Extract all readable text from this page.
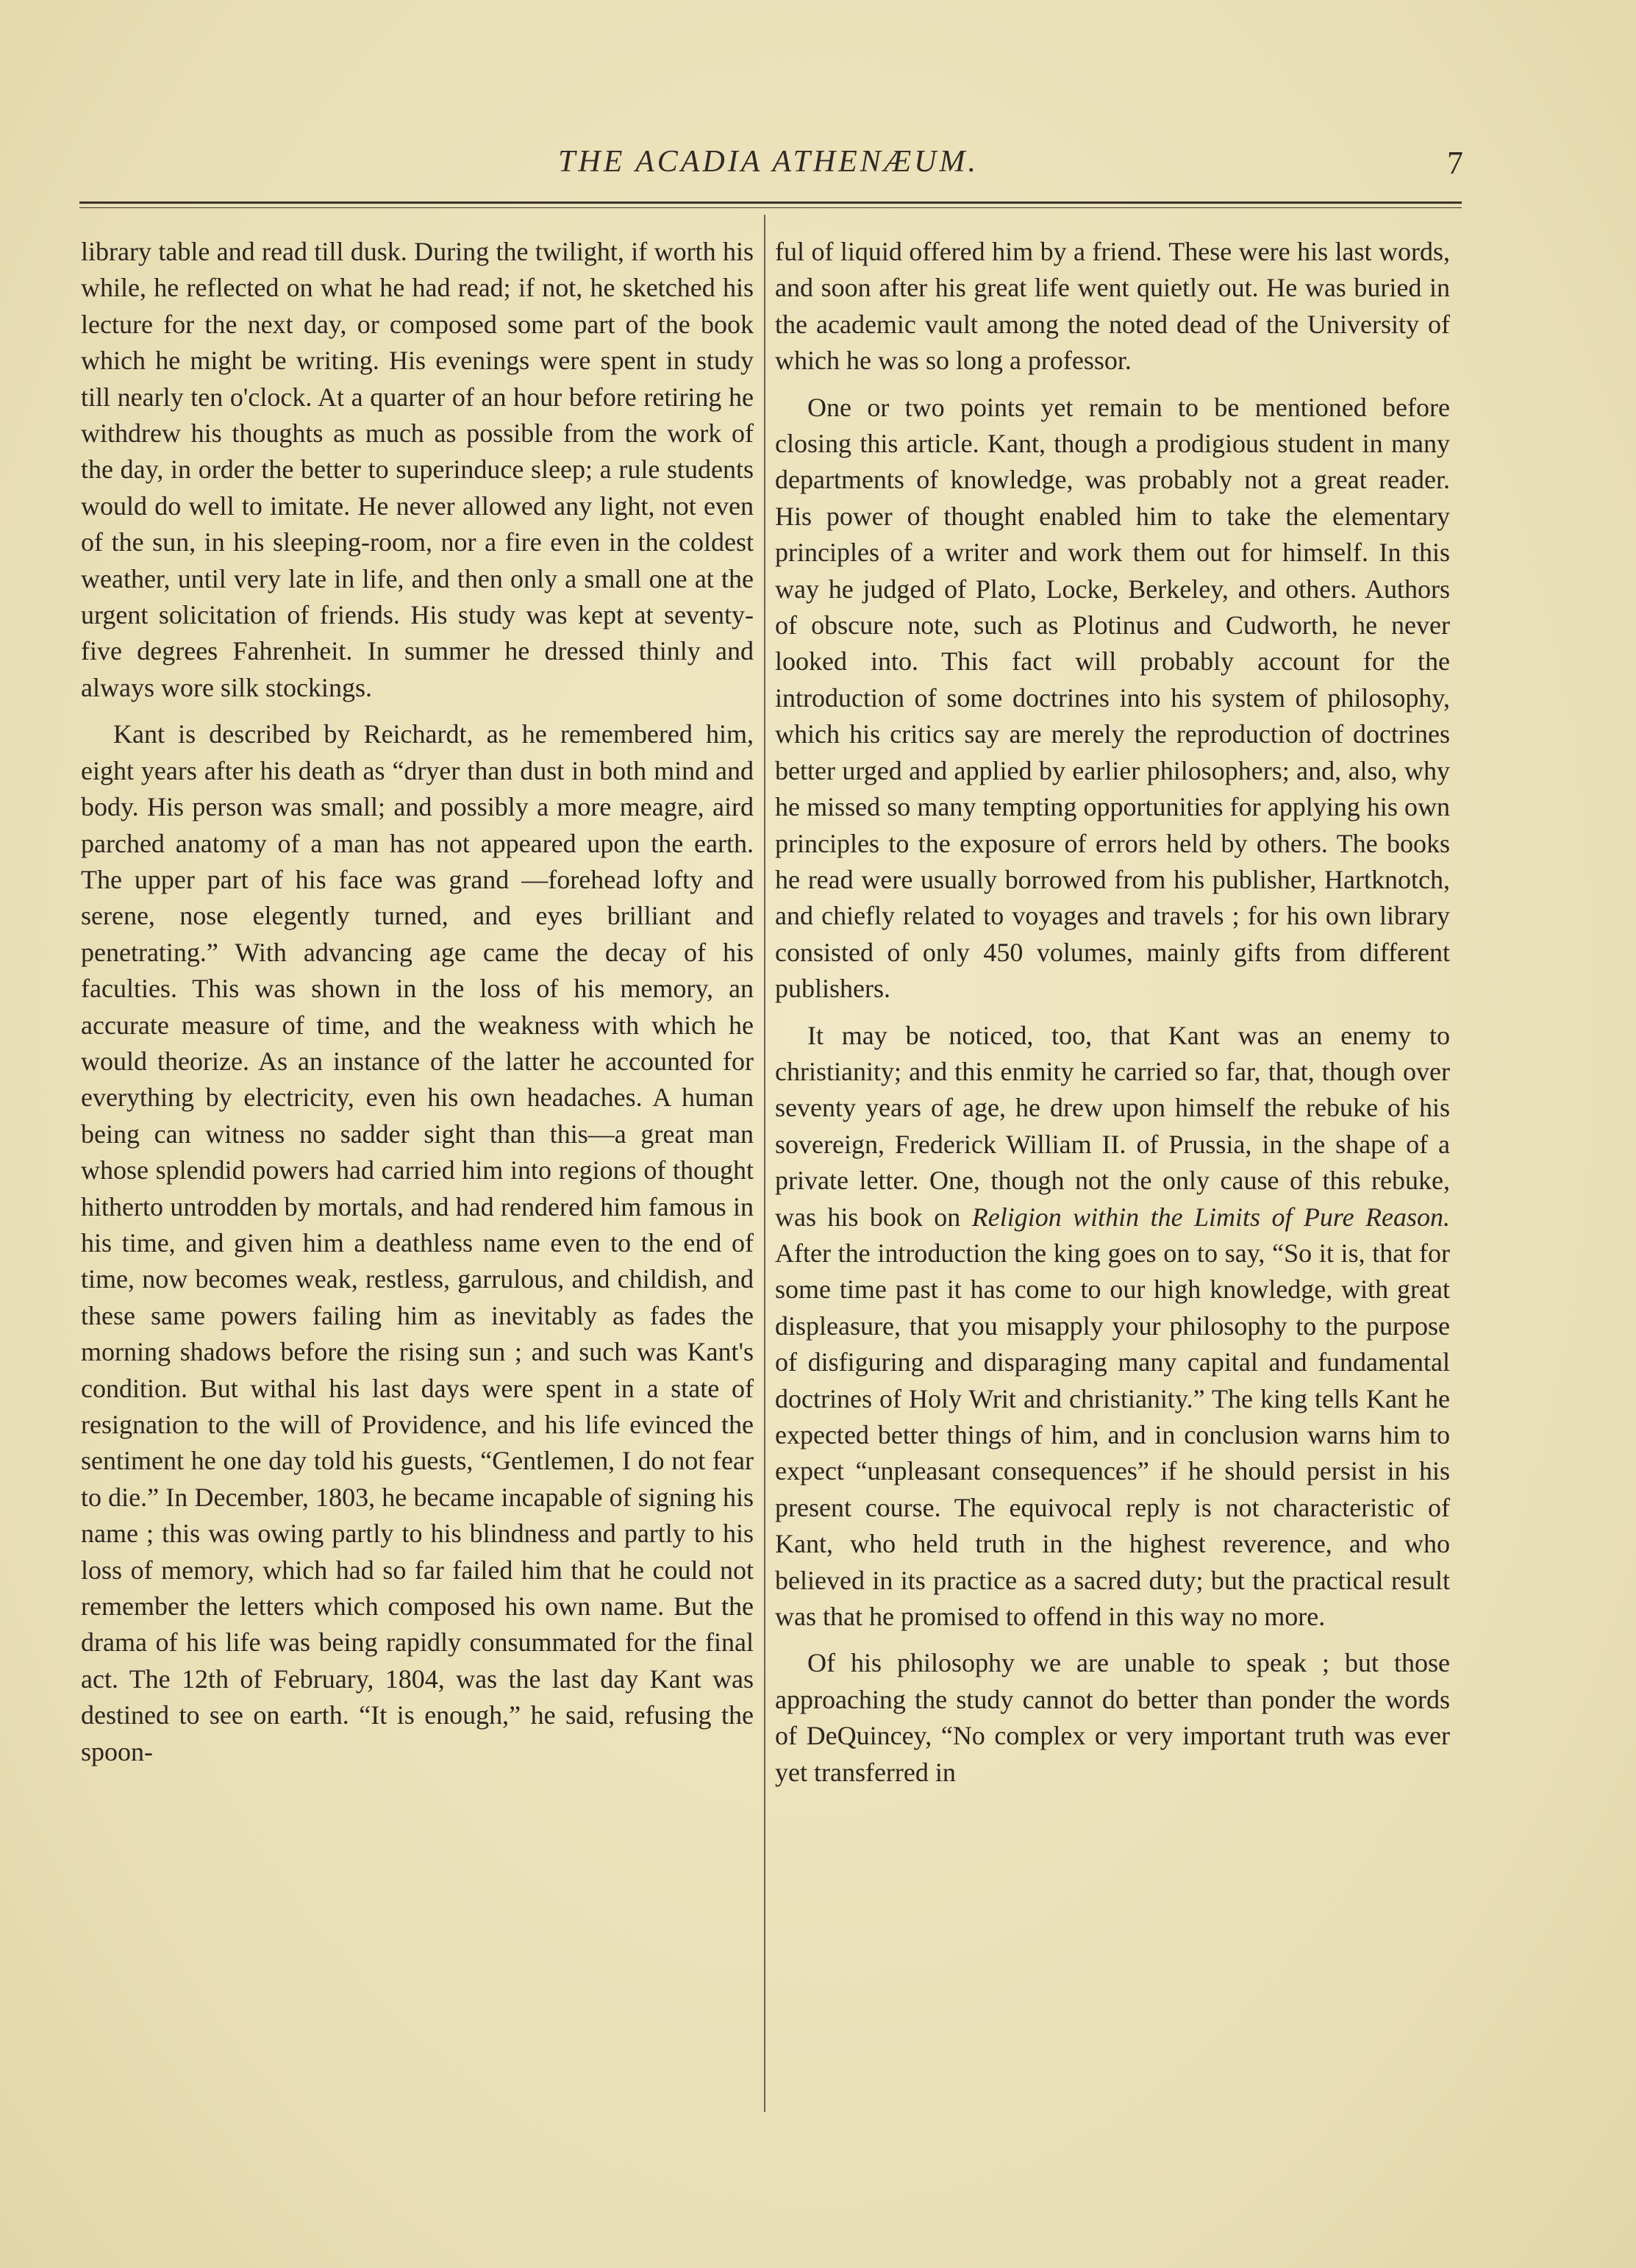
THE ACADIA ATHENÆUM.	7

library table and read till dusk. During the twilight, if worth his while, he reflected on what he had read; if not, he sketched his lecture for the next day, or composed some part of the book which he might be writing. His evenings were spent in study till nearly ten o'clock. At a quarter of an hour before retiring he withdrew his thoughts as much as possible from the work of the day, in order the better to superinduce sleep; a rule students would do well to imitate. He never allowed any light, not even of the sun, in his sleeping-room, nor a fire even in the coldest weather, until very late in life, and then only a small one at the urgent solicitation of friends. His study was kept at seventy-five degrees Fahrenheit. In summer he dressed thinly and always wore silk stockings.

Kant is described by Reichardt, as he remembered him, eight years after his death as “dryer than dust in both mind and body. His person was small; and possibly a more meagre, aird parched anatomy of a man has not appeared upon the earth. The upper part of his face was grand —forehead lofty and serene, nose elegently turned, and eyes brilliant and penetrating.” With advancing age came the decay of his faculties. This was shown in the loss of his memory, an accurate measure of time, and the weakness with which he would theorize. As an instance of the latter he accounted for everything by electricity, even his own headaches. A human being can witness no sadder sight than this—a great man whose splendid powers had carried him into regions of thought hitherto untrodden by mortals, and had rendered him famous in his time, and given him a deathless name even to the end of time, now becomes weak, restless, garrulous, and childish, and these same powers failing him as inevitably as fades the morning shadows before the rising sun ; and such was Kant's condition. But withal his last days were spent in a state of resignation to the will of Providence, and his life evinced the sentiment he one day told his guests, “Gentlemen, I do not fear to die.” In December, 1803, he became incapable of signing his name ; this was owing partly to his blindness and partly to his loss of memory, which had so far failed him that he could not remember the letters which composed his own name. But the drama of his life was being rapidly consummated for the final act. The 12th of February, 1804, was the last day Kant was destined to see on earth. “It is enough,” he said, refusing the spoon-

ful of liquid offered him by a friend. These were his last words, and soon after his great life went quietly out. He was buried in the academic vault among the noted dead of the University of which he was so long a professor.

One or two points yet remain to be mentioned before closing this article. Kant, though a prodigious student in many departments of knowledge, was probably not a great reader. His power of thought enabled him to take the elementary principles of a writer and work them out for himself. In this way he judged of Plato, Locke, Berkeley, and others. Authors of obscure note, such as Plotinus and Cudworth, he never looked into. This fact will probably account for the introduction of some doctrines into his system of philosophy, which his critics say are merely the reproduction of doctrines better urged and applied by earlier philosophers; and, also, why he missed so many tempting opportunities for applying his own principles to the exposure of errors held by others. The books he read were usually borrowed from his publisher, Hartknotch, and chiefly related to voyages and travels ; for his own library consisted of only 450 volumes, mainly gifts from different publishers.

It may be noticed, too, that Kant was an enemy to christianity; and this enmity he carried so far, that, though over seventy years of age, he drew upon himself the rebuke of his sovereign, Frederick William II. of Prussia, in the shape of a private letter. One, though not the only cause of this rebuke, was his book on Religion within the Limits of Pure Reason. After the introduction the king goes on to say, “So it is, that for some time past it has come to our high knowledge, with great displeasure, that you misapply your philosophy to the purpose of disfiguring and disparaging many capital and fundamental doctrines of Holy Writ and christianity.” The king tells Kant he expected better things of him, and in conclusion warns him to expect “unpleasant consequences” if he should persist in his present course. The equivocal reply is not characteristic of Kant, who held truth in the highest reverence, and who believed in its practice as a sacred duty; but the practical result was that he promised to offend in this way no more.

Of his philosophy we are unable to speak ; but those approaching the study cannot do better than ponder the words of DeQuincey, “No complex or very important truth was ever yet transferred in
